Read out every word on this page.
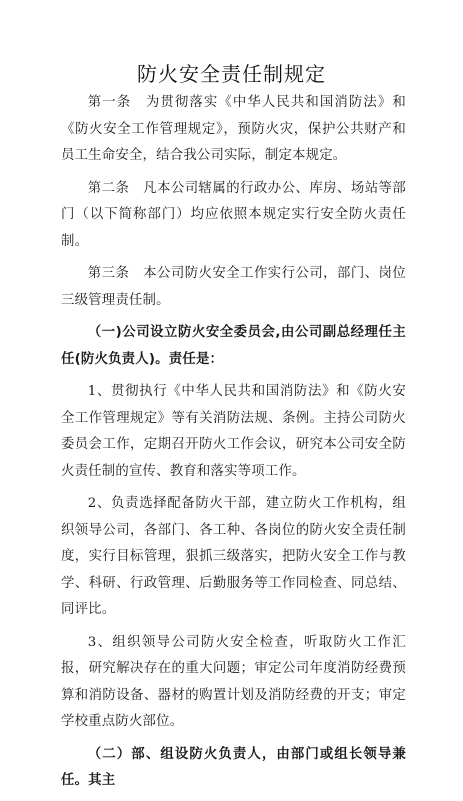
防火安全责任制规定

第一条　为贯彻落实《中华人民共和国消防法》和《防火安全工作管理规定》，预防火灾，保护公共财产和员工生命安全，结合我公司实际，制定本规定。

第二条　凡本公司辖属的行政办公、库房、场站等部门（以下简称部门）均应依照本规定实行安全防火责任制。

第三条　本公司防火安全工作实行公司，部门、岗位三级管理责任制。

（一)公司设立防火安全委员会,由公司副总经理任主任(防火负责人)。责任是：

1、贯彻执行《中华人民共和国消防法》和《防火安全工作管理规定》等有关消防法规、条例。主持公司防火委员会工作，定期召开防火工作会议，研究本公司安全防火责任制的宣传、教育和落实等项工作。

2、负责选择配备防火干部，建立防火工作机构，组织领导公司，各部门、各工种、各岗位的防火安全责任制度，实行目标管理，狠抓三级落实，把防火安全工作与教学、科研、行政管理、后勤服务等工作同检查、同总结、同评比。

3、组织领导公司防火安全检查，听取防火工作汇报，研究解决存在的重大问题；审定公司年度消防经费预算和消防设备、器材的购置计划及消防经费的开支；审定学校重点防火部位。

（二）部、组设防火负责人，由部门或组长领导兼任。其主
